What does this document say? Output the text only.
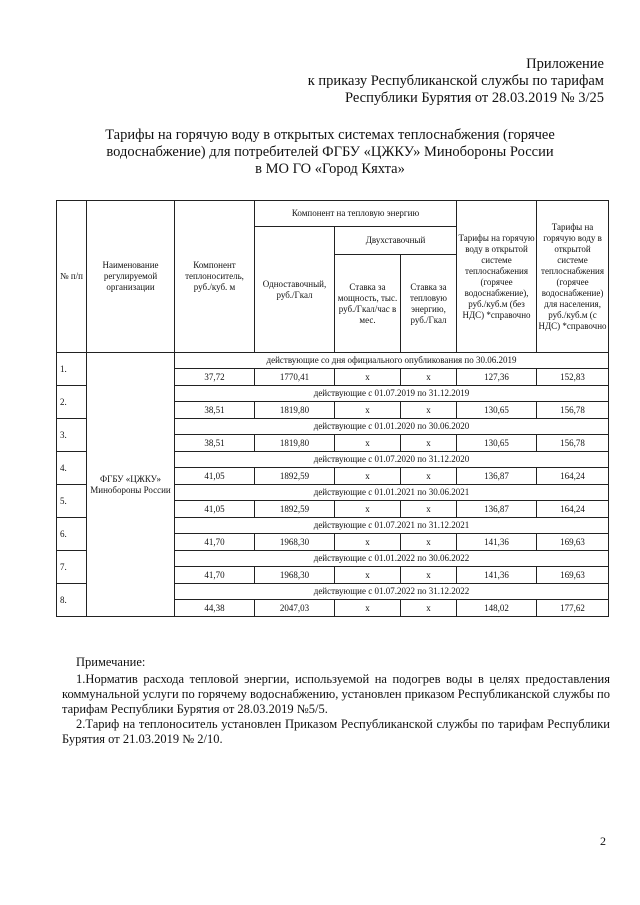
Приложение
к приказу Республиканской службы по тарифам
Республики Бурятия от 28.03.2019 № 3/25
Тарифы на горячую воду в открытых системах теплоснабжения (горячее
водоснабжение) для потребителей ФГБУ «ЦЖКУ» Минобороны России
в МО ГО «Город Кяхта»
№ п/п	Наименование регулируемой организации	Компонент теплоноситель, руб./куб. м	Компонент на тепловую энергию			Тарифы на горячую воду в открытой системе теплоснабжения (горячее водоснабжение), руб./куб.м (без НДС) *справочно	Тарифы на горячую воду в открытой системе теплоснабжения (горячее водоснабжение) для населения, руб./куб.м (с НДС) *справочно
			Одноставочный, руб./Гкал	Двухставочный			
				Ставка за мощность, тыс. руб./Гкал/час в мес.	Ставка за тепловую энергию, руб./Гкал		
1.	ФГБУ «ЦЖКУ» Минобороны России	действующие со дня официального опубликования по 30.06.2019					
		37,72	1770,41	x	x	127,36	152,83
2.		действующие с 01.07.2019 по 31.12.2019					
		38,51	1819,80	x	x	130,65	156,78
3.		действующие с 01.01.2020 по 30.06.2020					
		38,51	1819,80	x	x	130,65	156,78
4.		действующие с 01.07.2020 по 31.12.2020					
		41,05	1892,59	x	x	136,87	164,24
5.		действующие с 01.01.2021 по 30.06.2021					
		41,05	1892,59	x	x	136,87	164,24
6.		действующие с 01.07.2021 по 31.12.2021					
		41,70	1968,30	x	x	141,36	169,63
7.		действующие с 01.01.2022 по 30.06.2022					
		41,70	1968,30	x	x	141,36	169,63
8.		действующие с 01.07.2022 по 31.12.2022					
		44,38	2047,03	x	x	148,02	177,62

Примечание:

1.Норматив расхода тепловой энергии, используемой на подогрев воды в целях предоставления коммунальной услуги по горячему водоснабжению, установлен приказом Республиканской службы по тарифам Республики Бурятия от 28.03.2019 №5/5.

2.Тариф на теплоноситель установлен Приказом Республиканской службы по тарифам Республики Бурятия от 21.03.2019 № 2/10.

2
